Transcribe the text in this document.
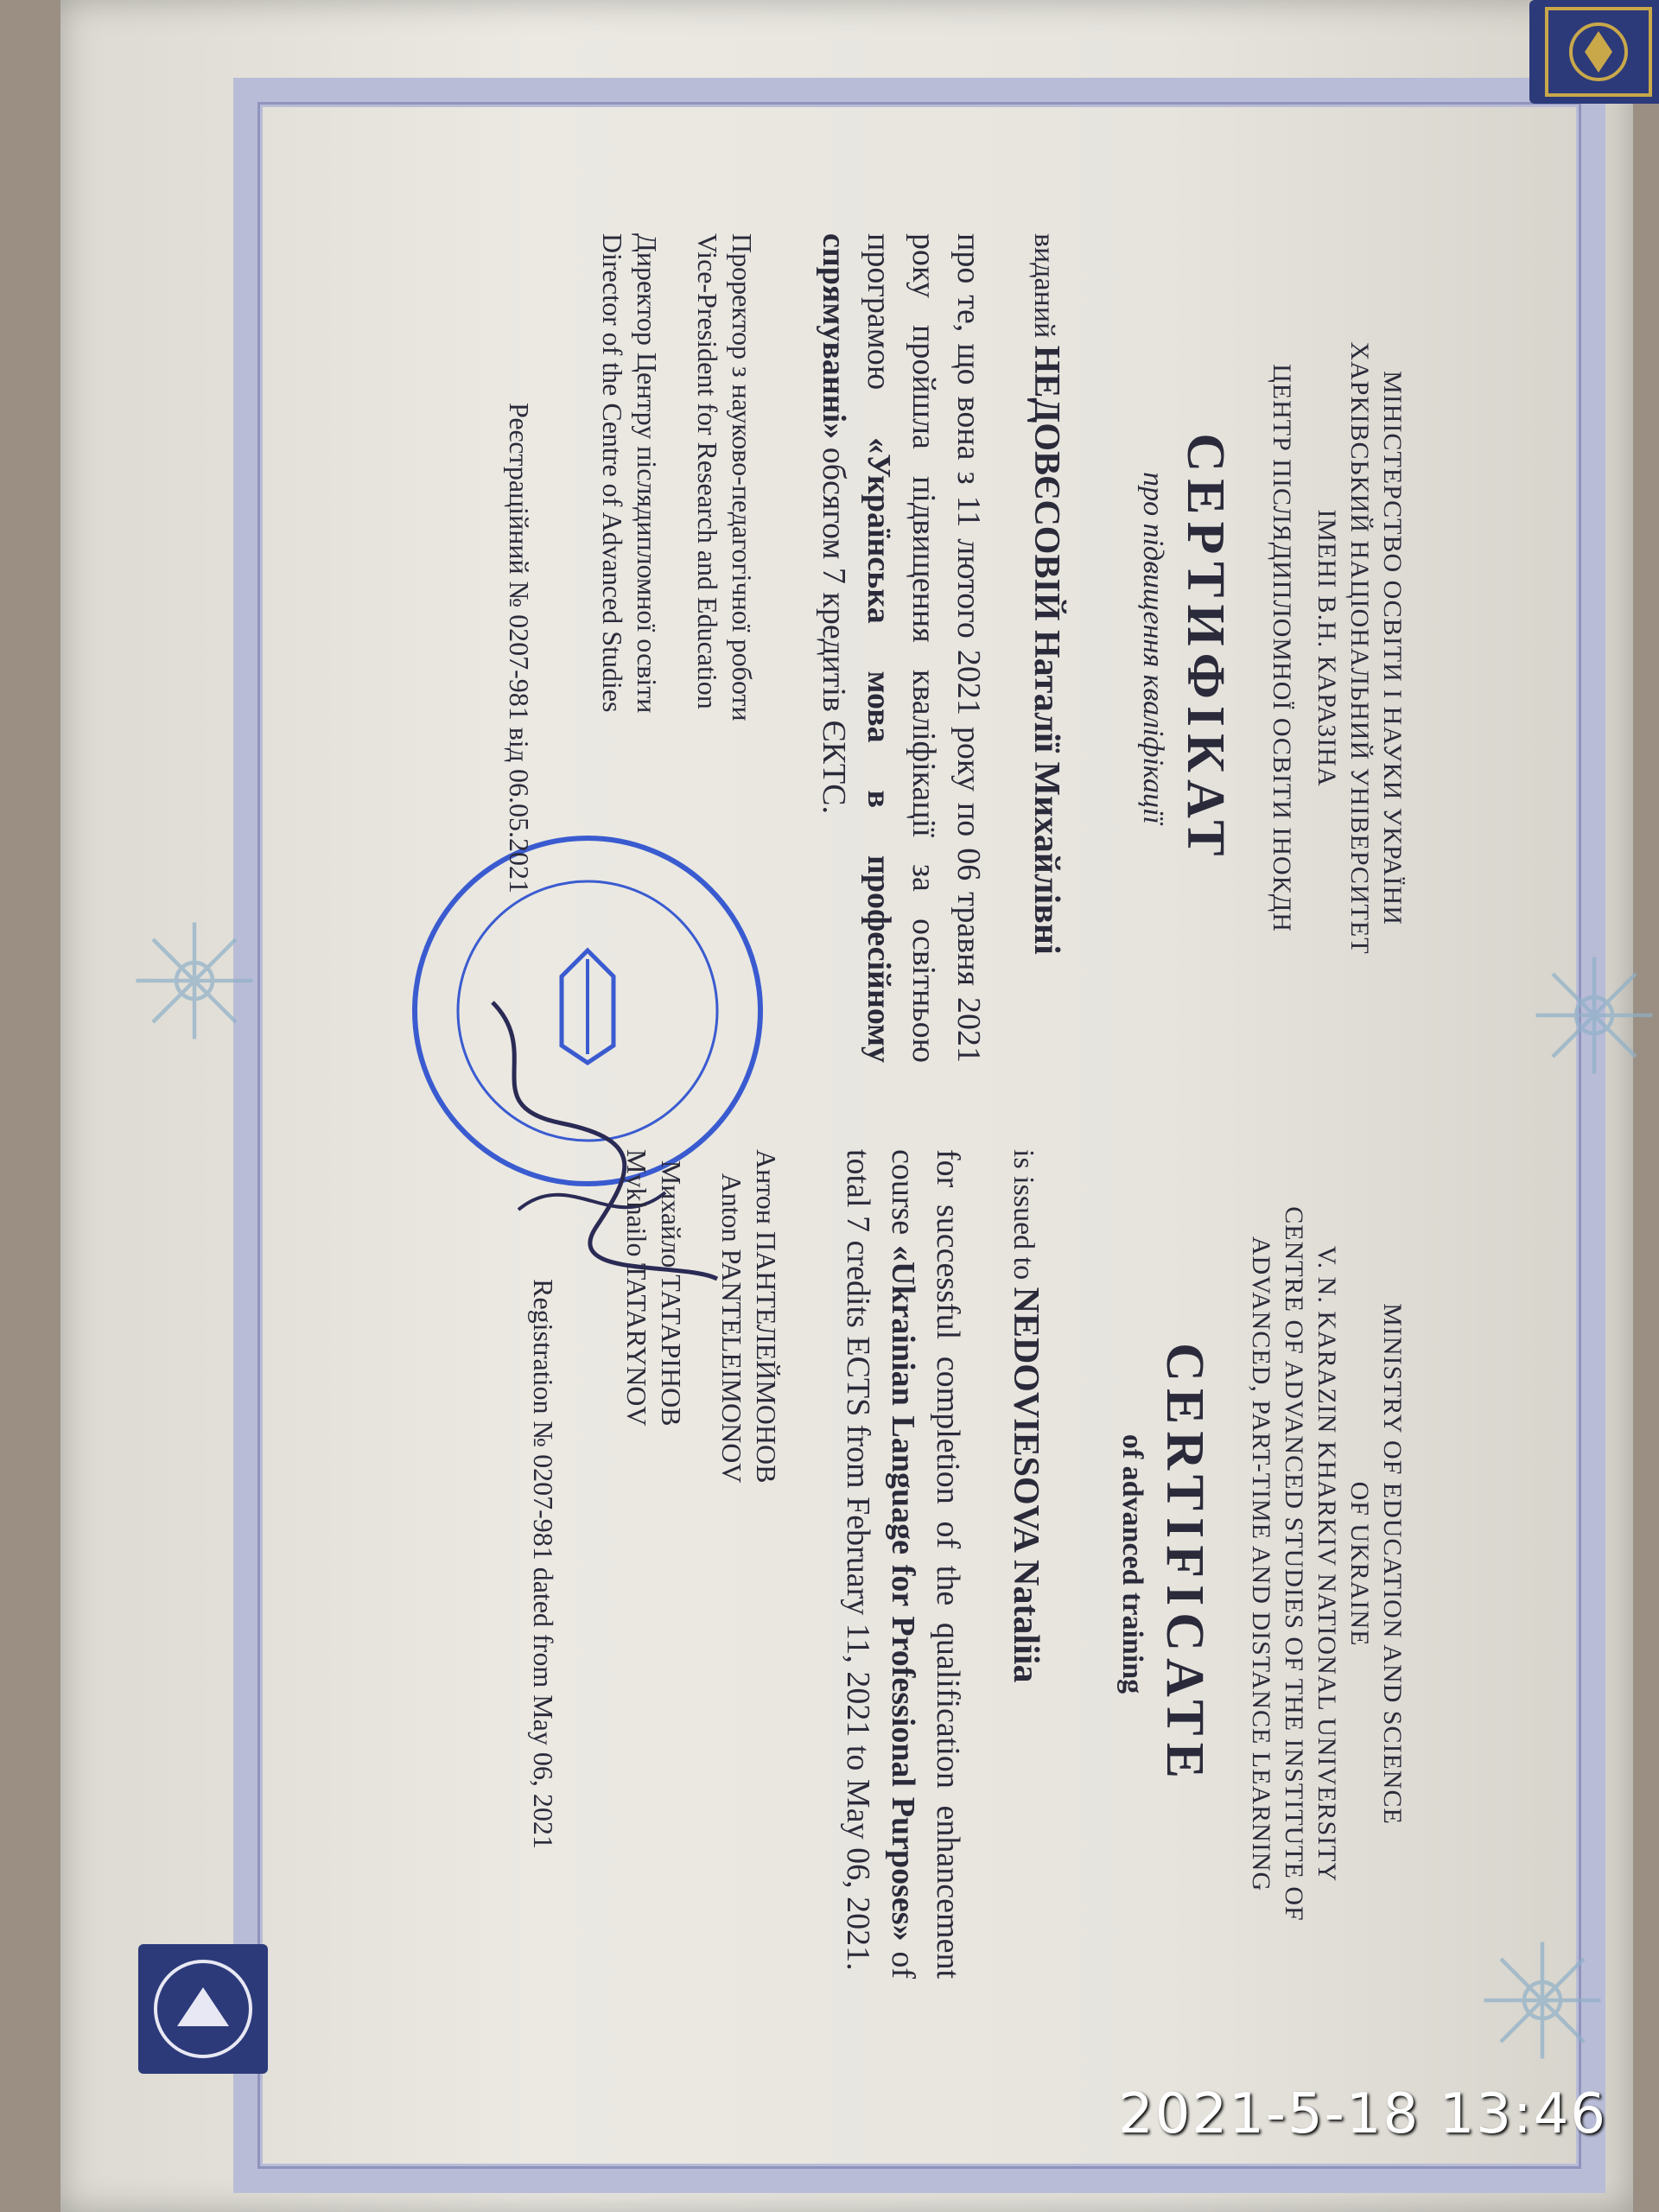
МІНІСТЕРСТВО ОСВІТИ І НАУКИ УКРАЇНИ
ХАРКІВСЬКИЙ НАЦІОНАЛЬНИЙ УНІВЕРСИТЕТ
ІМЕНІ В.Н. КАРАЗІНА
ЦЕНТР ПІСЛЯДИПЛОМНОЇ ОСВІТИ ІНОКДН
СЕРТИФІКАТ
про підвищення кваліфікації
виданий НЕДОВЄСОВІЙ Наталії Михайлівні
про те, що вона з 11 лютого 2021 року по 06 травня 2021 року пройшла підвищення кваліфікації за освітньою програмою «Українська мова в професійному спрямуванні» обсягом 7 кредитів ЄКТС.
Проректор з науково-педагогічної роботи
Vice-President for Research and Education
Директор Центру післядипломної освіти
Director of the Centre of Advanced Studies
Реєстраційний № 0207-981 від 06.05.2021
MINISTRY OF EDUCATION AND SCIENCE
OF UKRAINE
V. N. KARAZIN KHARKIV NATIONAL UNIVERSITY
CENTRE OF ADVANCED STUDIES OF THE INSTITUTE OF
ADVANCED, PART-TIME AND DISTANCE LEARNING
CERTIFICATE
of advanced training
is issued to NEDOVIESOVA Nataliia
for successful completion of the qualification enhancement course «Ukrainian Language for Professional Purposes» of total 7 credits ECTS from February 11, 2021 to May 06, 2021.
Антон ПАНТЕЛЕЙМОНОВ
Anton PANTELEIMONOV
Михайло ТАТАРІНОВ
Mykhailo TATARYNOV
Registration № 0207-981 dated from May 06, 2021
2021-5-18 13:46
